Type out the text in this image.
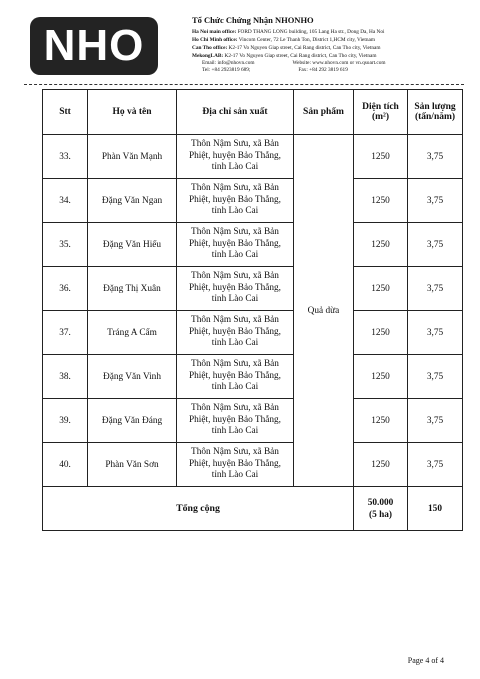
NHO
Tổ Chức Chứng Nhận NHONHO
Ha Noi main office: FORD THANG LONG building, 105 Lang Ha str., Dong Da, Ha Noi
Ho Chi Minh office: Vincom Center, 72 Le Thanh Ton, District 1,HCM city, Vietnam
Can Tho office: K2-17 Vo Nguyen Giap street, Cai Rang district, Can Tho city, Vietnam
MekongLAB: K2-17 Vo Nguyen Giap street, Cai Rang district, Can Tho city, Vietnam
Email: info@nhovn.com	Website: www.nhovn.com or vn.qsoart.com
Tel: +84 2923819 689;	Fax: +84 292 3819 619
Stt	Họ và tên	Địa chỉ sản xuất	Sản phẩm	Diện tích (m²)	Sản lượng (tấn/năm)
33.	Phàn Văn Mạnh	Thôn Nậm Sưu, xã Bản
Phiệt, huyện Bảo Thắng,
tỉnh Lào Cai	Quả dừa	1250	3,75
34.	Đặng Văn Ngan	Thôn Nậm Sưu, xã Bản
Phiệt, huyện Bảo Thắng,
tỉnh Lào Cai		1250	3,75
35.	Đặng Văn Hiếu	Thôn Nậm Sưu, xã Bản
Phiệt, huyện Bảo Thắng,
tỉnh Lào Cai		1250	3,75
36.	Đặng Thị Xuân	Thôn Nậm Sưu, xã Bản
Phiệt, huyện Bảo Thắng,
tỉnh Lào Cai		1250	3,75
37.	Tráng A Cẩm	Thôn Nậm Sưu, xã Bản
Phiệt, huyện Bảo Thắng,
tỉnh Lào Cai		1250	3,75
38.	Đặng Văn Vinh	Thôn Nậm Sưu, xã Bản
Phiệt, huyện Bảo Thắng,
tỉnh Lào Cai		1250	3,75
39.	Đặng Văn Đáng	Thôn Nậm Sưu, xã Bản
Phiệt, huyện Bảo Thắng,
tỉnh Lào Cai		1250	3,75
40.	Phàn Văn Sơn	Thôn Nậm Sưu, xã Bản
Phiệt, huyện Bảo Thắng,
tỉnh Lào Cai		1250	3,75
Tổng cộng				50.000
(5 ha)	150
Page 4 of 4
